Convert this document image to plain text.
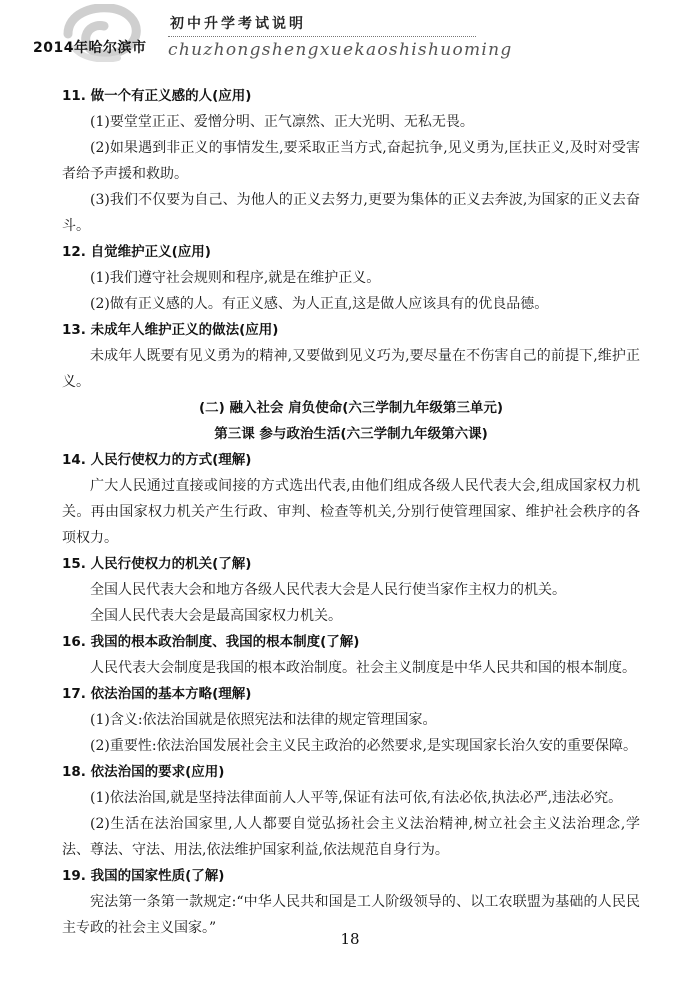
初中升学考试说明
2014年哈尔滨市 chuzhongshengxuekaoshishuoming
11. 做一个有正义感的人(应用)

(1)要堂堂正正、爱憎分明、正气凛然、正大光明、无私无畏。

(2)如果遇到非正义的事情发生,要采取正当方式,奋起抗争,见义勇为,匡扶正义,及时对受害者给予声援和救助。

(3)我们不仅要为自己、为他人的正义去努力,更要为集体的正义去奔波,为国家的正义去奋斗。

12. 自觉维护正义(应用)

(1)我们遵守社会规则和程序,就是在维护正义。

(2)做有正义感的人。有正义感、为人正直,这是做人应该具有的优良品德。

13. 未成年人维护正义的做法(应用)

未成年人既要有见义勇为的精神,又要做到见义巧为,要尽量在不伤害自己的前提下,维护正义。

(二) 融入社会 肩负使命(六三学制九年级第三单元)
第三课 参与政治生活(六三学制九年级第六课)
14. 人民行使权力的方式(理解)

广大人民通过直接或间接的方式选出代表,由他们组成各级人民代表大会,组成国家权力机关。再由国家权力机关产生行政、审判、检查等机关,分别行使管理国家、维护社会秩序的各项权力。

15. 人民行使权力的机关(了解)

全国人民代表大会和地方各级人民代表大会是人民行使当家作主权力的机关。

全国人民代表大会是最高国家权力机关。

16. 我国的根本政治制度、我国的根本制度(了解)

人民代表大会制度是我国的根本政治制度。社会主义制度是中华人民共和国的根本制度。

17. 依法治国的基本方略(理解)

(1)含义:依法治国就是依照宪法和法律的规定管理国家。

(2)重要性:依法治国发展社会主义民主政治的必然要求,是实现国家长治久安的重要保障。

18. 依法治国的要求(应用)

(1)依法治国,就是坚持法律面前人人平等,保证有法可依,有法必依,执法必严,违法必究。

(2)生活在法治国家里,人人都要自觉弘扬社会主义法治精神,树立社会主义法治理念,学法、尊法、守法、用法,依法维护国家利益,依法规范自身行为。

19. 我国的国家性质(了解)

宪法第一条第一款规定:“中华人民共和国是工人阶级领导的、以工农联盟为基础的人民民主专政的社会主义国家。”

18
